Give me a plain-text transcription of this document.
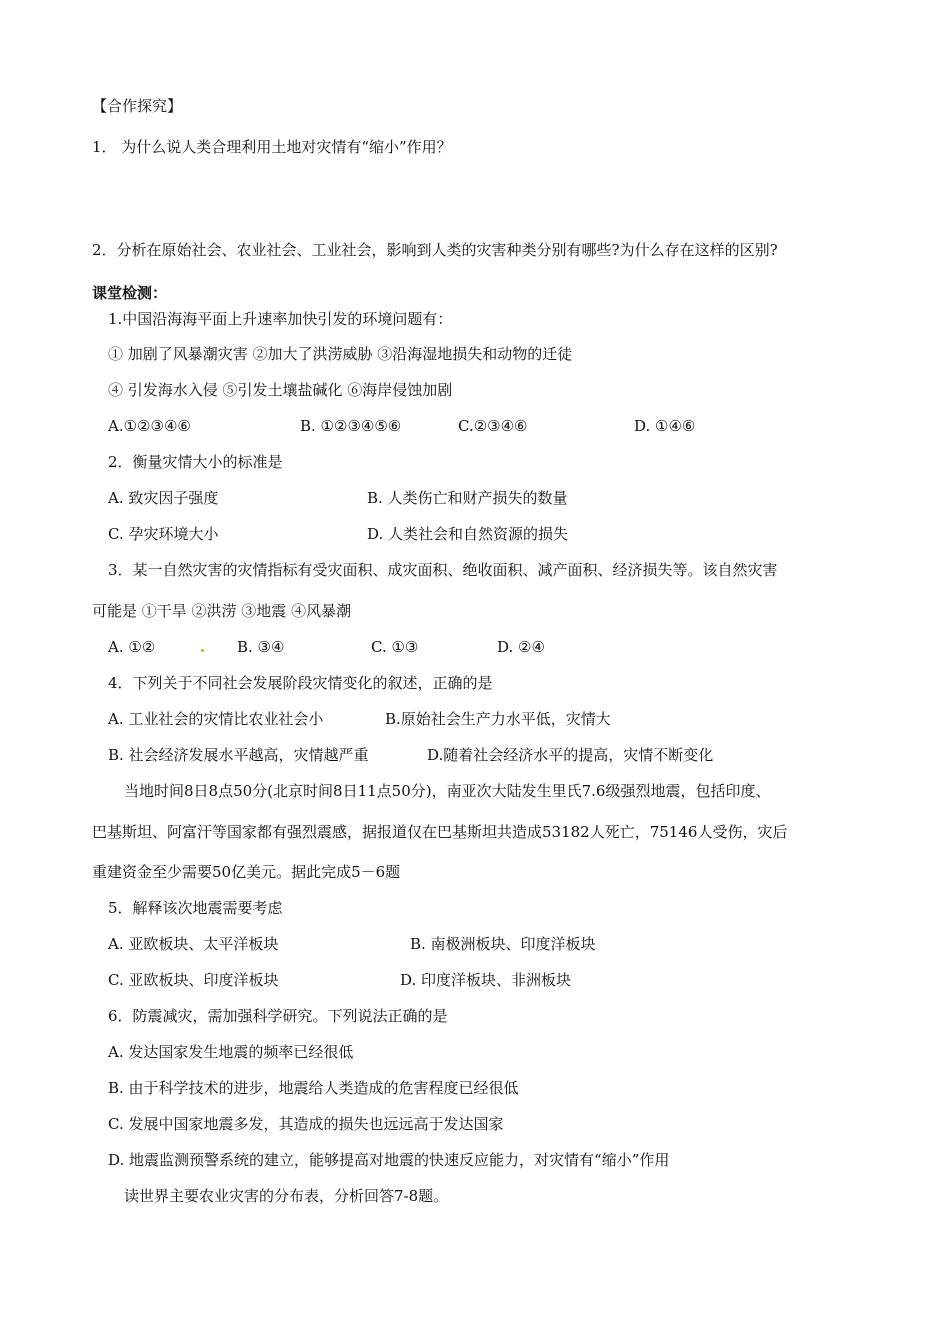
【合作探究】
1． 为什么说人类合理利用土地对灾情有“缩小”作用？
2．分析在原始社会、农业社会、工业社会，影响到人类的灾害种类分别有哪些?为什么存在这样的区别?
课堂检测：
1.中国沿海海平面上升速率加快引发的环境问题有：
① 加剧了风暴潮灾害 ②加大了洪涝威胁 ③沿海湿地损失和动物的迁徒
④ 引发海水入侵 ⑤引发土壤盐碱化 ⑥海岸侵蚀加剧
A.①②③④⑥	B. ①②③④⑤⑥	C.②③④⑥	D. ①④⑥
2．衡量灾情大小的标准是
A. 致灾因子强度	B. 人类伤亡和财产损失的数量
C. 孕灾环境大小	D. 人类社会和自然资源的损失
3．某一自然灾害的灾情指标有受灾面积、成灾面积、绝收面积、减产面积、经济损失等。该自然灾害
可能是 ①干旱 ②洪涝 ③地震 ④风暴潮
A. ①②	B. ③④	C. ①③	D. ②④
4．下列关于不同社会发展阶段灾情变化的叙述，正确的是
A. 工业社会的灾情比农业社会小	B.原始社会生产力水平低，灾情大
B. 社会经济发展水平越高，灾情越严重	D.随着社会经济水平的提高，灾情不断变化
当地时间8日8点50分(北京时间8日11点50分)，南亚次大陆发生里氏7.6级强烈地震，包括印度、
巴基斯坦、阿富汗等国家都有强烈震感，据报道仅在巴基斯坦共造成53182人死亡，75146人受伤，灾后
重建资金至少需要50亿美元。据此完成5－6题
5．解释该次地震需要考虑
A. 亚欧板块、太平洋板块	B. 南极洲板块、印度洋板块
C. 亚欧板块、印度洋板块	D. 印度洋板块、非洲板块
6．防震减灾，需加强科学研究。下列说法正确的是
A. 发达国家发生地震的频率已经很低
B. 由于科学技术的进步，地震给人类造成的危害程度已经很低
C. 发展中国家地震多发，其造成的损失也远远高于发达国家
D. 地震监测预警系统的建立，能够提高对地震的快速反应能力，对灾情有“缩小”作用
读世界主要农业灾害的分布表，分析回答7-8题。
